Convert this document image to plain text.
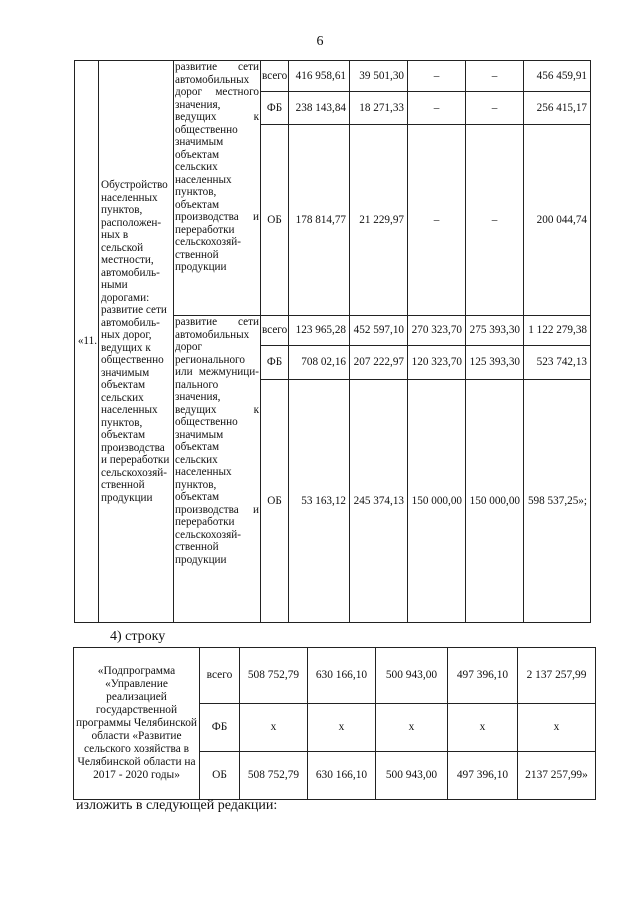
6
«11.	Обустройство населенных пунктов, расположен-ных в сельской местности, автомобиль-ными дорогами: развитие сети автомобиль-ных дорог, ведущих к общественно значимым объектам сельских населенных пунктов, объектам производства и переработки сельскохозяй-ственной продукции	развитие сети автомобильных дорог местного значения, ведущих к общественно значимым объектам сельских населенных пунктов, объектам производства и переработки сельскохозяй-ственной продукции	всего	416 958,61	39 501,30	–	–	456 459,91
			ФБ	238 143,84	18 271,33	–	–	256 415,17
			ОБ	178 814,77	21 229,97	–	–	200 044,74
		развитие сети автомобильных дорог регионального или межмуници-пального значения, ведущих к общественно значимым объектам сельских населенных пунктов, объектам производства и переработки сельскохозяй-ственной продукции	всего	123 965,28	452 597,10	270 323,70	275 393,30	1 122 279,38
			ФБ	708 02,16	207 222,97	120 323,70	125 393,30	523 742,13
			ОБ	53 163,12	245 374,13	150 000,00	150 000,00	598 537,25»;
4) строку
«Подпрограмма «Управление реализацией государственной программы Челябинской области «Развитие сельского хозяйства в Челябинской области на 2017 - 2020 годы»	всего	508 752,79	630 166,10	500 943,00	497 396,10	2 137 257,99
	ФБ	х	х	х	х	х
	ОБ	508 752,79	630 166,10	500 943,00	497 396,10	2137 257,99»
изложить в следующей редакции:
